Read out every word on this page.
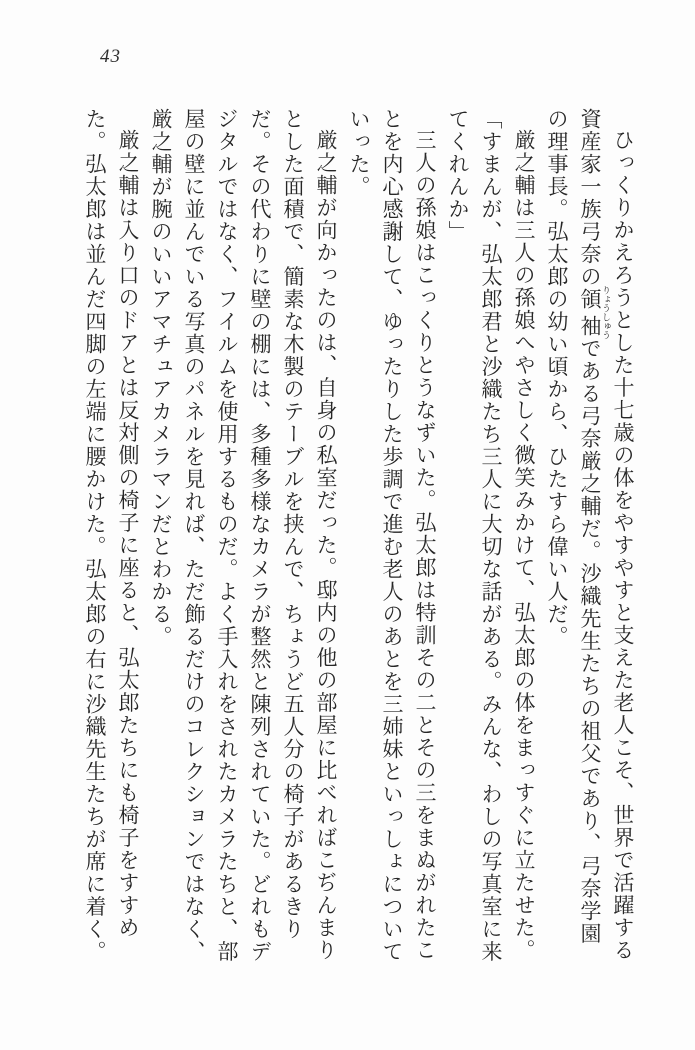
43

ひっくりかえろうとした十七歳の体をやすやすと支えた老人こそ、世界で活躍する資産家一族弓奈の領袖 りょうしゅうである弓奈厳之輔だ。沙織先生たちの祖父であり、弓奈学園の理事長。弘太郎の幼い頃から、ひたすら偉い人だ。

厳之輔は三人の孫娘へやさしく微笑みかけて、弘太郎の体をまっすぐに立たせた。

「すまんが、弘太郎君と沙織たち三人に大切な話がある。みんな、わしの写真室に来てくれんか」

三人の孫娘はこっくりとうなずいた。弘太郎は特訓その二とその三をまぬがれたことを内心感謝して、ゆったりした歩調で進む老人のあとを三姉妹といっしょについていった。

厳之輔が向かったのは、自身の私室だった。邸内の他の部屋に比べればこぢんまりとした面積で、簡素な木製のテーブルを挟んで、ちょうど五人分の椅子があるきりだ。その代わりに壁の棚には、多種多様なカメラが整然と陳列されていた。どれもデジタルではなく、フイルムを使用するものだ。よく手入れをされたカメラたちと、部屋の壁に並んでいる写真のパネルを見れば、ただ飾るだけのコレクションではなく、厳之輔が腕のいいアマチュアカメラマンだとわかる。

厳之輔は入り口のドアとは反対側の椅子に座ると、弘太郎たちにも椅子をすすめた。弘太郎は並んだ四脚の左端に腰かけた。弘太郎の右に沙織先生たちが席に着く。
